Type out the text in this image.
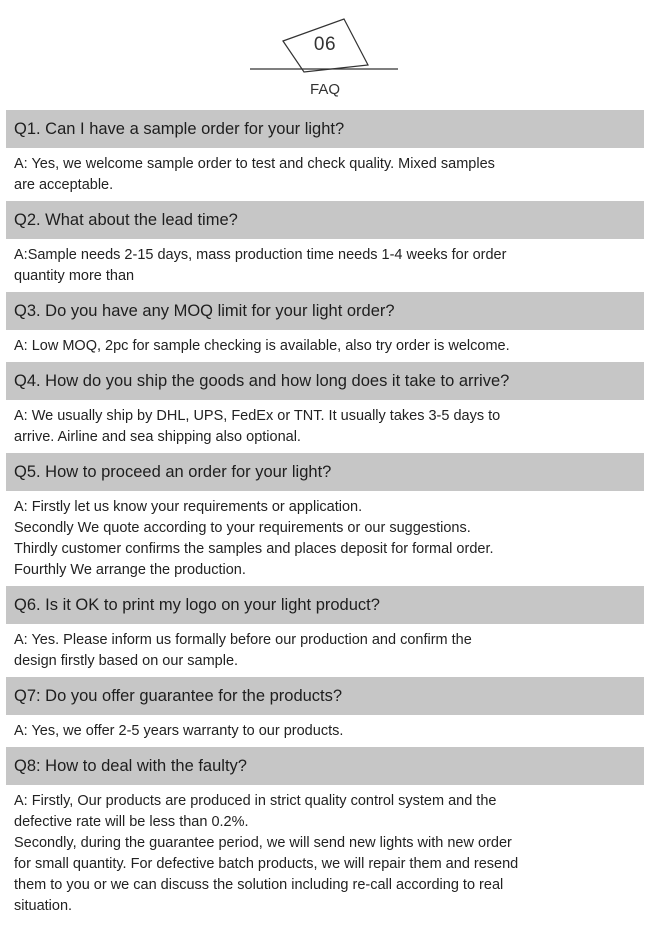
06
FAQ
Q1. Can I have a sample order for your light?
A: Yes, we welcome sample order to test and check quality. Mixed samples
are acceptable.
Q2. What about the lead time?
A:Sample needs 2-15 days, mass production time needs 1-4 weeks for order
quantity more than
Q3. Do you have any MOQ limit for your light order?
A: Low MOQ, 2pc for sample checking is available, also try order is welcome.
Q4. How do you ship the goods and how long does it take to arrive?
A: We usually ship by DHL, UPS, FedEx or TNT. It usually takes 3-5 days to
arrive. Airline and sea shipping also optional.
Q5. How to proceed an order for your light?
A: Firstly let us know your requirements or application.
Secondly We quote according to your requirements or our suggestions.
Thirdly customer confirms the samples and places deposit for formal order.
Fourthly We arrange the production.
Q6. Is it OK to print my logo on your light product?
A: Yes. Please inform us formally before our production and confirm the
design firstly based on our sample.
Q7: Do you offer guarantee for the products?
A: Yes, we offer 2-5 years warranty to our products.
Q8: How to deal with the faulty?
A: Firstly, Our products are produced in strict quality control system and the
defective rate will be less than 0.2%.
Secondly, during the guarantee period, we will send new lights with new order
for small quantity. For defective batch products, we will repair them and resend
them to you or we can discuss the solution including re-call according to real
situation.
